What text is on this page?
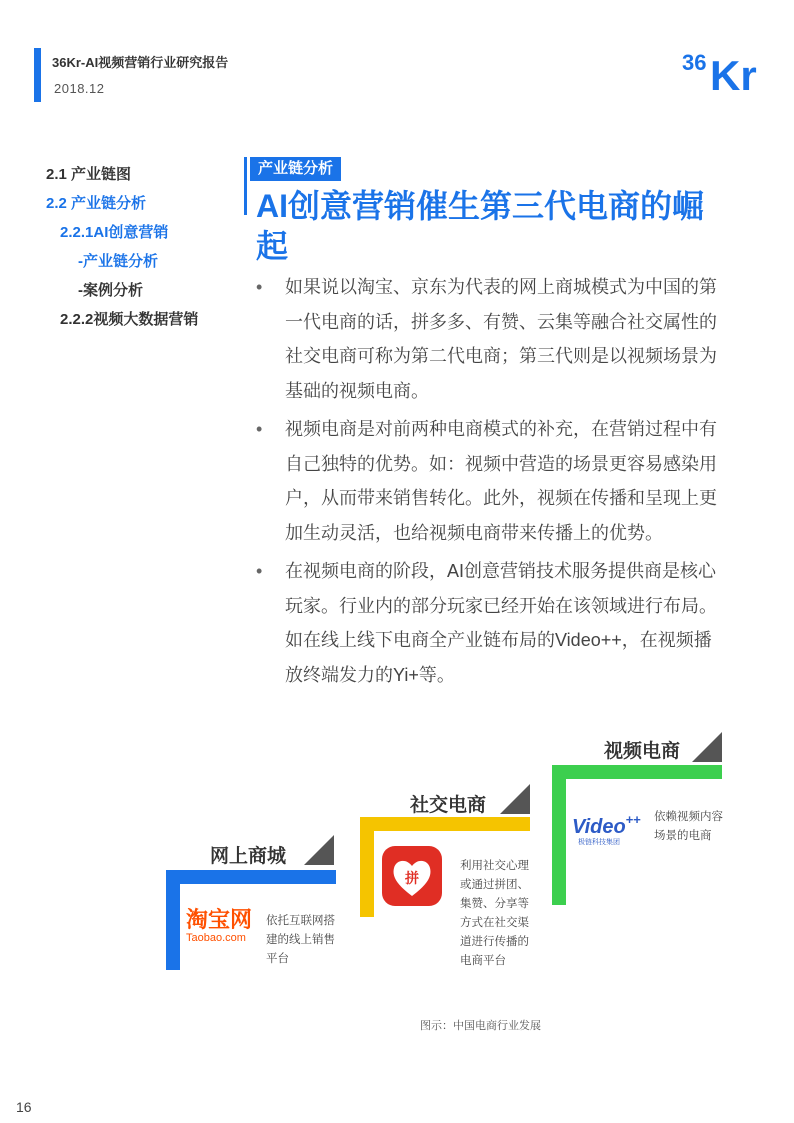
36Kr-AI视频营销行业研究报告
2018.12
36 Kr
2.1 产业链图
2.2 产业链分析
2.2.1AI创意营销
-产业链分析
-案例分析
2.2.2视频大数据营销
产业链分析
AI创意营销催生第三代电商的崛起
• 如果说以淘宝、京东为代表的网上商城模式为中国的第一代电商的话，拼多多、有赞、云集等融合社交属性的社交电商可称为第二代电商；第三代则是以视频场景为基础的视频电商。
• 视频电商是对前两种电商模式的补充，在营销过程中有自己独特的优势。如：视频中营造的场景更容易感染用户，从而带来销售转化。此外，视频在传播和呈现上更加生动灵活，也给视频电商带来传播上的优势。
• 在视频电商的阶段，AI创意营销技术服务提供商是核心玩家。行业内的部分玩家已经开始在该领域进行布局。如在线上线下电商全产业链布局的Video++，在视频播放终端发力的Yi+等。
视频电商
Video++
极链科技集团
依赖视频内容场景的电商
社交电商
拼
利用社交心理或通过拼团、集赞、分享等方式在社交渠道进行传播的电商平台
网上商城
淘宝网
Taobao.com
依托互联网搭建的线上销售平台
图示：中国电商行业发展
16
